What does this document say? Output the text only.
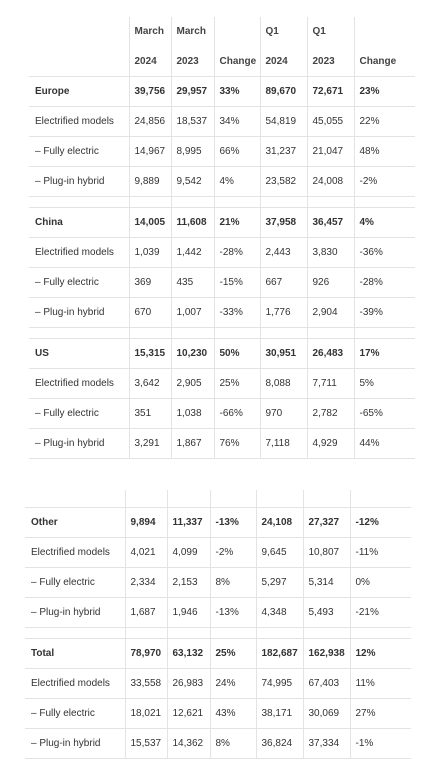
	March	March		Q1	Q1	
	2024	2023	Change	2024	2023	Change
Europe	39,756	29,957	33%	89,670	72,671	23%
Electrified models	24,856	18,537	34%	54,819	45,055	22%
– Fully electric	14,967	8,995	66%	31,237	21,047	48%
– Plug-in hybrid	9,889	9,542	4%	23,582	24,008	-2%

China	14,005	11,608	21%	37,958	36,457	4%
Electrified models	1,039	1,442	-28%	2,443	3,830	-36%
– Fully electric	369	435	-15%	667	926	-28%
– Plug-in hybrid	670	1,007	-33%	1,776	2,904	-39%

US	15,315	10,230	50%	30,951	26,483	17%
Electrified models	3,642	2,905	25%	8,088	7,711	5%
– Fully electric	351	1,038	-66%	970	2,782	-65%
– Plug-in hybrid	3,291	1,867	76%	7,118	4,929	44%

Other	9,894	11,337	-13%	24,108	27,327	-12%
Electrified models	4,021	4,099	-2%	9,645	10,807	-11%
– Fully electric	2,334	2,153	8%	5,297	5,314	0%
– Plug-in hybrid	1,687	1,946	-13%	4,348	5,493	-21%

Total	78,970	63,132	25%	182,687	162,938	12%
Electrified models	33,558	26,983	24%	74,995	67,403	11%
– Fully electric	18,021	12,621	43%	38,171	30,069	27%
– Plug-in hybrid	15,537	14,362	8%	36,824	37,334	-1%
